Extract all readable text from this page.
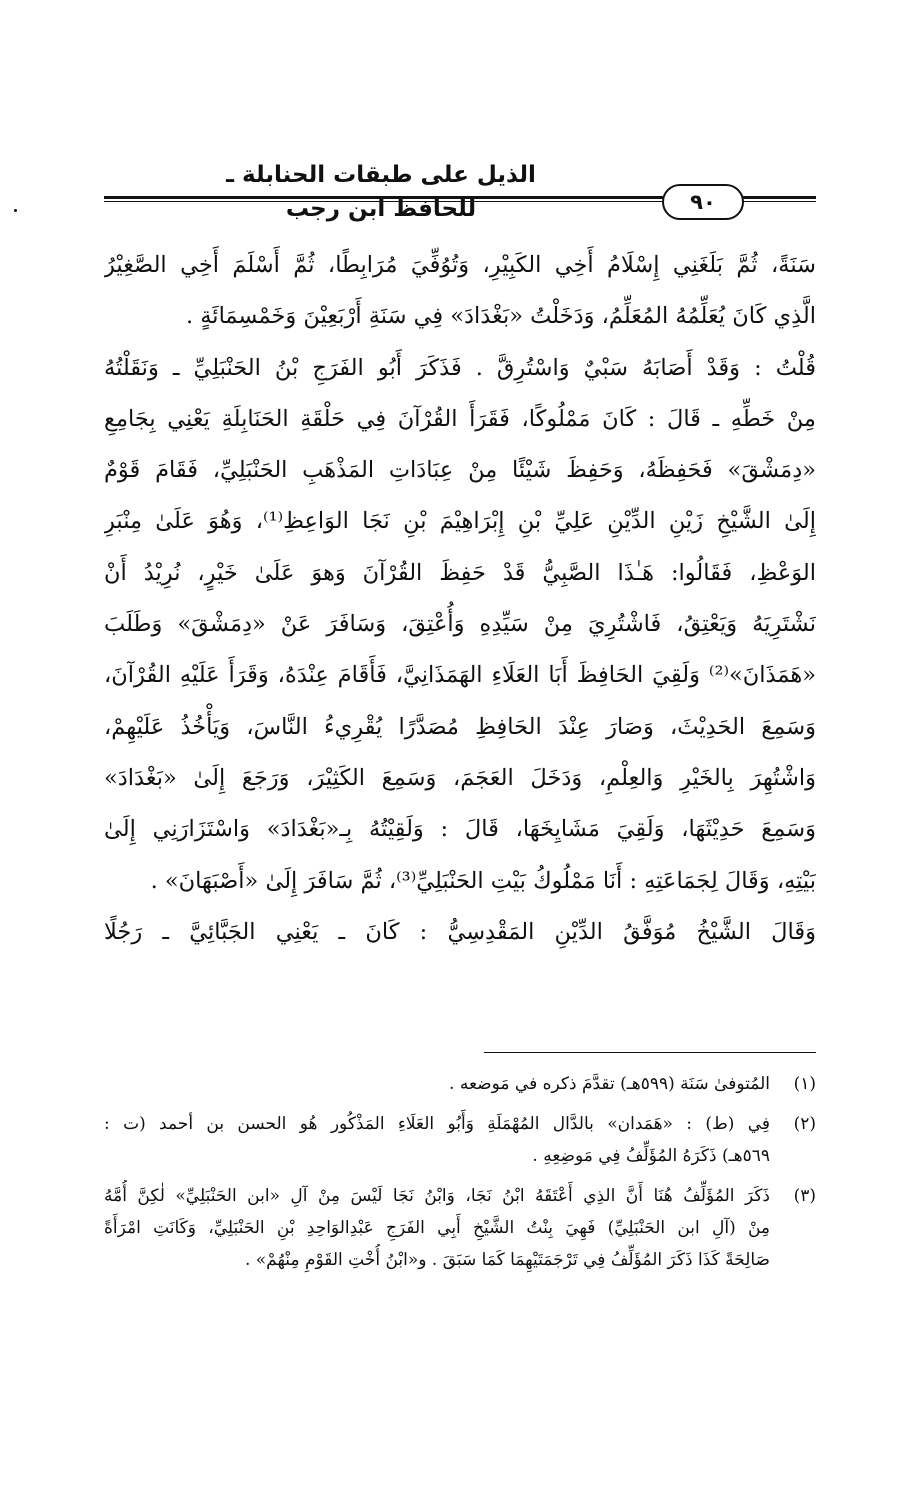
الذيل على طبقات الحنابلة ـ للحافظ ابن رجب	٩٠
سَنَةً، ثُمَّ بَلَغَنِي إِسْلَامُ أَخِي الكَبِيْرِ، وَتُوُفِّيَ مُرَابِطًا، ثُمَّ أَسْلَمَ أَخِي الصَّغِيْرُ
الَّذِي كَانَ يُعَلِّمُهُ المُعَلِّمُ، وَدَخَلْتُ «بَغْدَادَ» فِي سَنَةِ أَرْبَعِيْنَ وَخَمْسِمَائَةٍ .
قُلْتُ : وَقَدْ أَصَابَهُ سَبْيٌ وَاسْتُرِقَّ . فَذَكَرَ أَبُو الفَرَجِ بْنُ الحَنْبَلِيِّ ـ وَنَقَلْتُهُ
مِنْ خَطِّهِ ـ قَالَ : كَانَ مَمْلُوكًا، فَقَرَأَ القُرْآنَ فِي حَلْقَةِ الحَنَابِلَةِ يَعْنِي بِجَامِعِ
«دِمَشْقَ» فَحَفِظَهُ، وَحَفِظَ شَيْئًا مِنْ عِبَادَاتِ المَذْهَبِ الحَنْبَلِيِّ، فَقَامَ قَوْمٌ
إِلَىٰ الشَّيْخِ زَيْنِ الدِّيْنِ عَلِيِّ بْنِ إِبْرَاهِيْمَ بْنِ نَجَا الوَاعِظِ⁽¹⁾، وَهُوَ عَلَىٰ مِنْبَرِ
الوَعْظِ، فَقَالُوا: هَـٰذَا الصَّبِيُّ قَدْ حَفِظَ القُرْآنَ وَهوَ عَلَىٰ خَيْرٍ، نُرِيْدُ أَنْ
نَشْتَرِيَهُ وَيَعْتِقُ، فَاشْتُرِيَ مِنْ سَيِّدِهِ وَأُعْتِقَ، وَسَافَرَ عَنْ «دِمَشْقَ» وَطَلَبَ
«هَمَذَانَ»⁽²⁾ وَلَقِيَ الحَافِظَ أَبَا العَلَاءِ الهَمَذَانِيَّ، فَأَقَامَ عِنْدَهُ، وَقَرَأَ عَلَيْهِ القُرْآنَ،
وَسَمِعَ الحَدِيْثَ، وَصَارَ عِنْدَ الحَافِظِ مُصَدَّرًا يُقْرِيءُ النَّاسَ، وَيَأْخُذُ عَلَيْهِمْ،
وَاشْتُهِرَ بِالخَيْرِ وَالعِلْمِ، وَدَخَلَ العَجَمَ، وَسَمِعَ الكَثِيْرَ، وَرَجَعَ إِلَىٰ «بَغْدَادَ»
وَسَمِعَ حَدِيْثَهَا، وَلَقِيَ مَشَايِخَهَا، قَالَ : وَلَقِيْتُهُ بِـ«بَغْدَادَ» وَاسْتَزَارَنِي إِلَىٰ
بَيْتِهِ، وَقَالَ لِجَمَاعَتِهِ : أَنَا مَمْلُوكُ بَيْتِ الحَنْبَلِيِّ⁽³⁾، ثُمَّ سَافَرَ إِلَىٰ «أَصْبَهَانَ» .
وَقَالَ الشَّيْخُ مُوَفَّقُ الدِّيْنِ المَقْدِسِيُّ : كَانَ ـ يَعْنِي الجَبَّائِيَّ ـ رَجُلًا
(١)المُتوفىٰ سَنَة (٥٩٩هـ) تقدَّمَ ذكره في مَوضعه .
(٢)فِي (ط) : «هَمَدان» بالدَّال المُهْمَلَةِ وَأَبُو العَلَاءِ المَذْكُور هُو الحسن بن أحمد (ت :
٥٦٩هـ) ذَكَرَهُ المُؤَلِّفُ فِي مَوضِعِهِ .
(٣)ذَكَرَ المُؤَلِّفُ هُنَا أَنَّ الذِي أَعْتَقَهُ ابْنُ نَجَا، وَابْنُ نَجَا لَيْسَ مِنْ آلِ «ابن الحَنْبَلِيِّ» لٰكِنَّ أُمَّهُ
مِنْ (آلِ ابن الحَنْبَلِيِّ) فَهِيَ بِنْتُ الشَّيْخِ أَبِي الفَرَجِ عَبْدِالوَاحِدِ بْنِ الحَنْبَلِيِّ، وَكَانَتِ امْرَأَةً
صَالِحَةً كَذَا ذَكَرَ المُؤَلِّفُ فِي تَرْجَمَتَيْهِمَا كَمَا سَبَقَ . و«ابْنُ أُخْتِ القَوْمِ مِنْهُمْ» .
